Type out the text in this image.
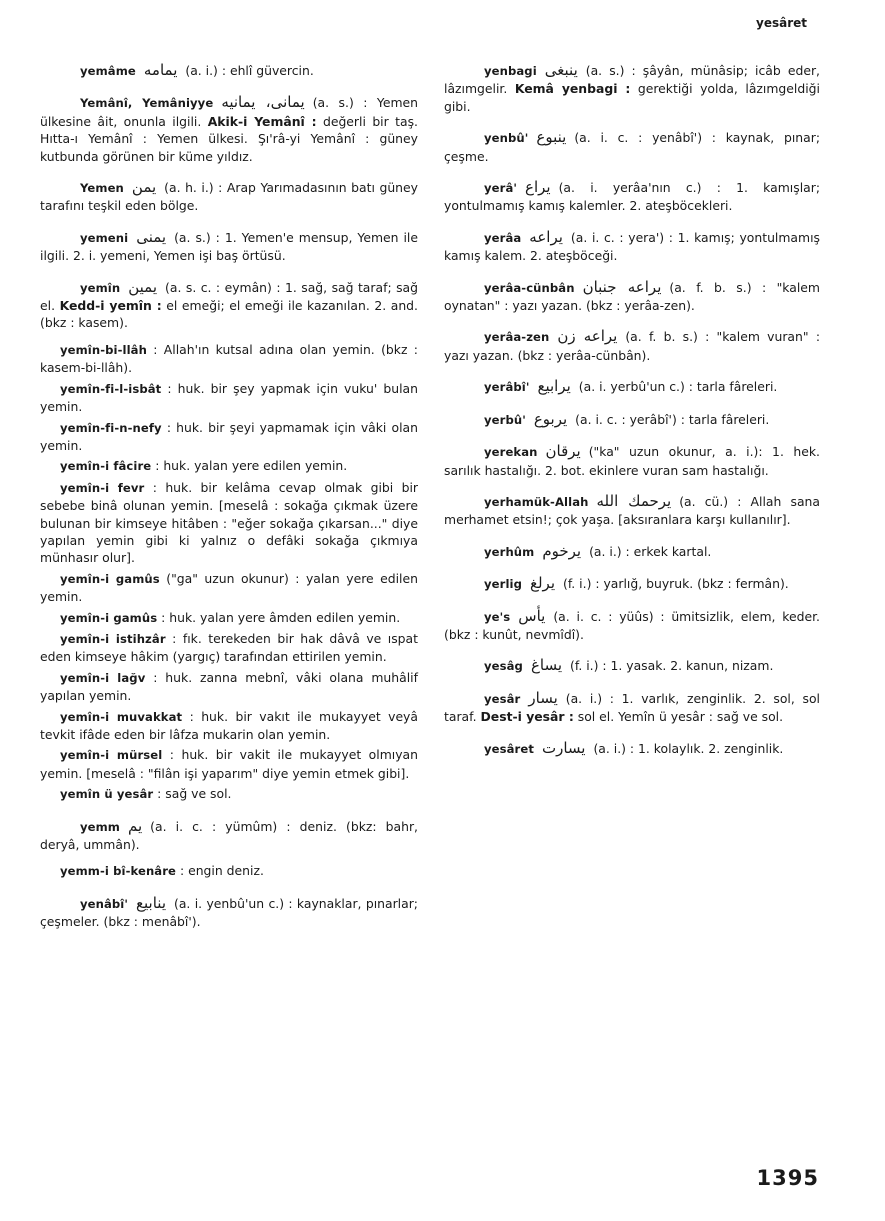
yesâret

yemâme يمامه (a. i.) : ehlî güvercin.

Yemânî, Yemâniyye يمانى، يمانيه (a. s.) : Yemen ülkesine âit, onunla ilgili. Akik-i Yemânî : değerli bir taş. Hıtta-ı Yemânî : Yemen ülkesi. Şı'râ-yi Yemânî : güney kutbunda görünen bir küme yıldız.

Yemen يمن (a. h. i.) : Arap Yarımadasının batı güney tarafını teşkil eden bölge.

yemeni يمنى (a. s.) : 1. Yemen'e mensup, Yemen ile ilgili. 2. i. yemeni, Yemen işi baş örtüsü.

yemîn يمين (a. s. c. : eymân) : 1. sağ, sağ taraf; sağ el. Kedd-i yemîn : el emeği; el emeği ile kazanılan. 2. and. (bkz : kasem).

yemîn-bi-llâh : Allah'ın kutsal adına olan yemin. (bkz : kasem-bi-llâh).

yemîn-fi-l-isbât : huk. bir şey yapmak için vuku' bulan yemin.

yemîn-fi-n-nefy : huk. bir şeyi yapmamak için vâki olan yemin.

yemîn-i fâcire : huk. yalan yere edilen yemin.

yemîn-i fevr : huk. bir kelâma cevap olmak gibi bir sebebe binâ olunan yemin. [meselâ : sokağa çıkmak üzere bulunan bir kimseye hitâben : "eğer sokağa çıkarsan..." diye yapılan yemin gibi ki yalnız o defâki sokağa çıkmıya münhasır olur].

yemîn-i gamûs ("ga" uzun okunur) : yalan yere edilen yemin.

yemîn-i gamûs : huk. yalan yere âmden edilen yemin.

yemîn-i istihzâr : fık. terekeden bir hak dâvâ ve ıspat eden kimseye hâkim (yargıç) tarafından ettirilen yemin.

yemîn-i lağv : huk. zanna mebnî, vâki olana muhâlif yapılan yemin.

yemîn-i muvakkat : huk. bir vakıt ile mukayyet veyâ tevkit ifâde eden bir lâfza mukarin olan yemin.

yemîn-i mürsel : huk. bir vakit ile mukayyet olmıyan yemin. [meselâ : "filân işi yaparım" diye yemin etmek gibi].

yemîn ü yesâr : sağ ve sol.

yemm يم (a. i. c. : yümûm) : deniz. (bkz: bahr, deryâ, ummân).

yemm-i bî-kenâre : engin deniz.

yenâbî' ينابيع (a. i. yenbû'un c.) : kaynaklar, pınarlar; çeşmeler. (bkz : menâbî').

yenbagi ينبغى (a. s.) : şâyân, münâsip; icâb eder, lâzımgelir. Kemâ yenbagi : gerektiği yolda, lâzımgeldiği gibi.

yenbû' ينبوع (a. i. c. : yenâbî') : kaynak, pınar; çeşme.

yerâ' يراع (a. i. yerâa'nın c.) : 1. kamışlar; yontulmamış kamış kalemler. 2. ateşböcekleri.

yerâa يراعه (a. i. c. : yera') : 1. kamış; yontulmamış kamış kalem. 2. ateşböceği.

yerâa-cünbân يراعه جنبان (a. f. b. s.) : "kalem oynatan" : yazı yazan. (bkz : yerâa-zen).

yerâa-zen يراعه زن (a. f. b. s.) : "kalem vuran" : yazı yazan. (bkz : yerâa-cünbân).

yerâbî' يرابيع (a. i. yerbû'un c.) : tarla fâreleri.

yerbû' يربوع (a. i. c. : yerâbî') : tarla fâreleri.

yerekan يرقان ("ka" uzun okunur, a. i.): 1. hek. sarılık hastalığı. 2. bot. ekinlere vuran sam hastalığı.

yerhamük-Allah يرحمك الله (a. cü.) : Allah sana merhamet etsin!; çok yaşa. [aksıranlara karşı kullanılır].

yerhûm يرخوم (a. i.) : erkek kartal.

yerlig يرلغ (f. i.) : yarlığ, buyruk. (bkz : fermân).

ye's يأس (a. i. c. : yüûs) : ümitsizlik, elem, keder. (bkz : kunût, nevmîdî).

yesâg يساغ (f. i.) : 1. yasak. 2. kanun, nizam.

yesâr يسار (a. i.) : 1. varlık, zenginlik. 2. sol, sol taraf. Dest-i yesâr : sol el. Yemîn ü yesâr : sağ ve sol.

yesâret يسارت (a. i.) : 1. kolaylık. 2. zenginlik.

1395
